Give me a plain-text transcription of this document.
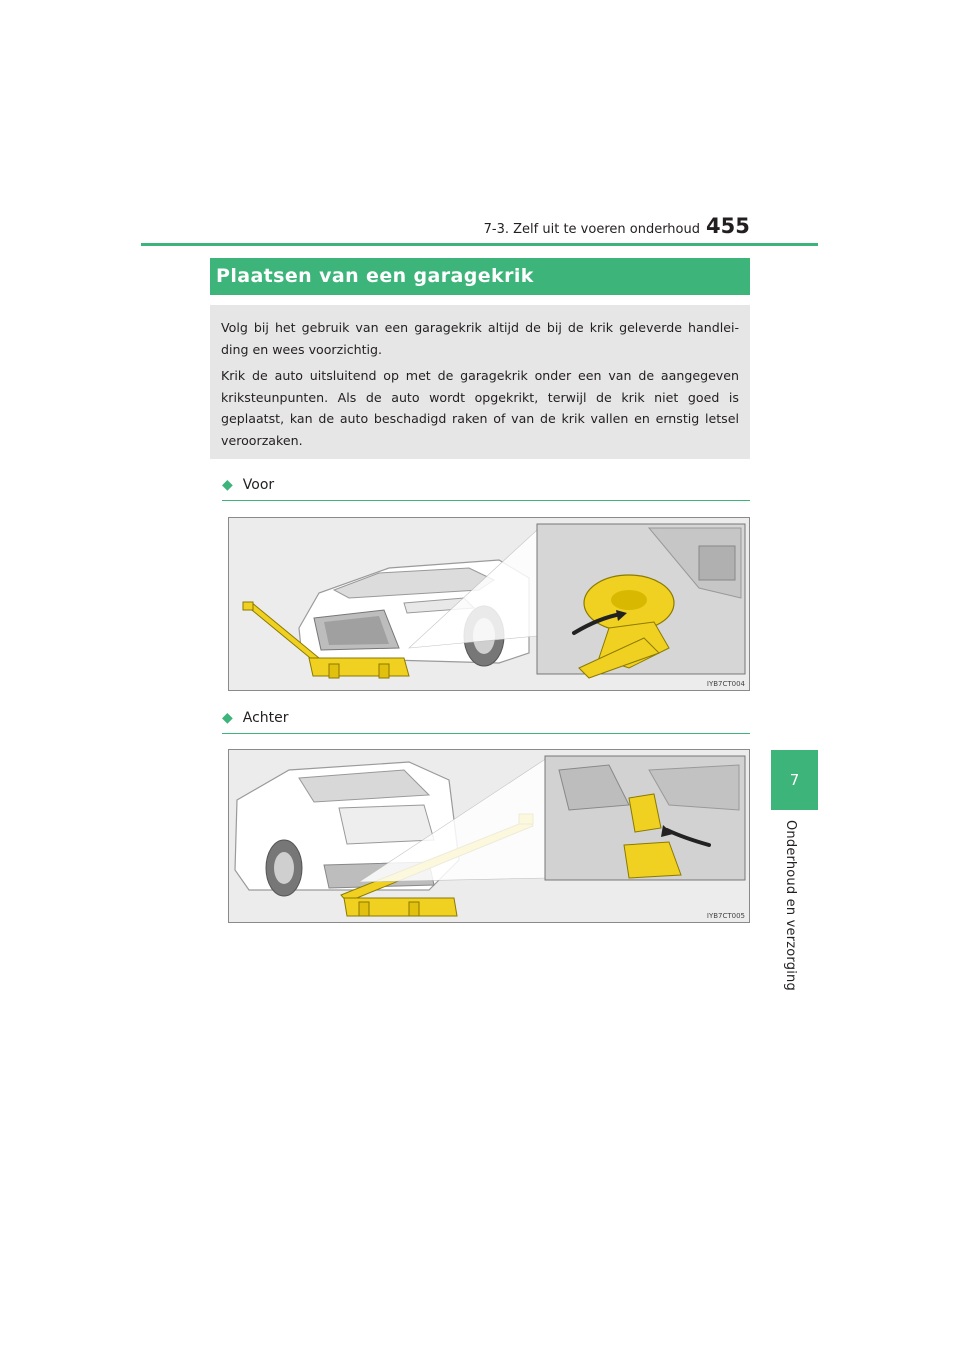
7-3. Zelf uit te voeren onderhoud 455
7
Onderhoud en verzorging
Plaatsen van een garagekrik

Volg bij het gebruik van een garagekrik altijd de bij de krik geleverde handlei-ding en wees voorzichtig.

Krik de auto uitsluitend op met de garagekrik onder een van de aangegeven kriksteunpunten. Als de auto wordt opgekrikt, terwijl de krik niet goed is geplaatst, kan de auto beschadigd raken of van de krik vallen en ernstig letsel veroorzaken.

◆ Voor
IYB7CT004
◆ Achter
IYB7CT005
